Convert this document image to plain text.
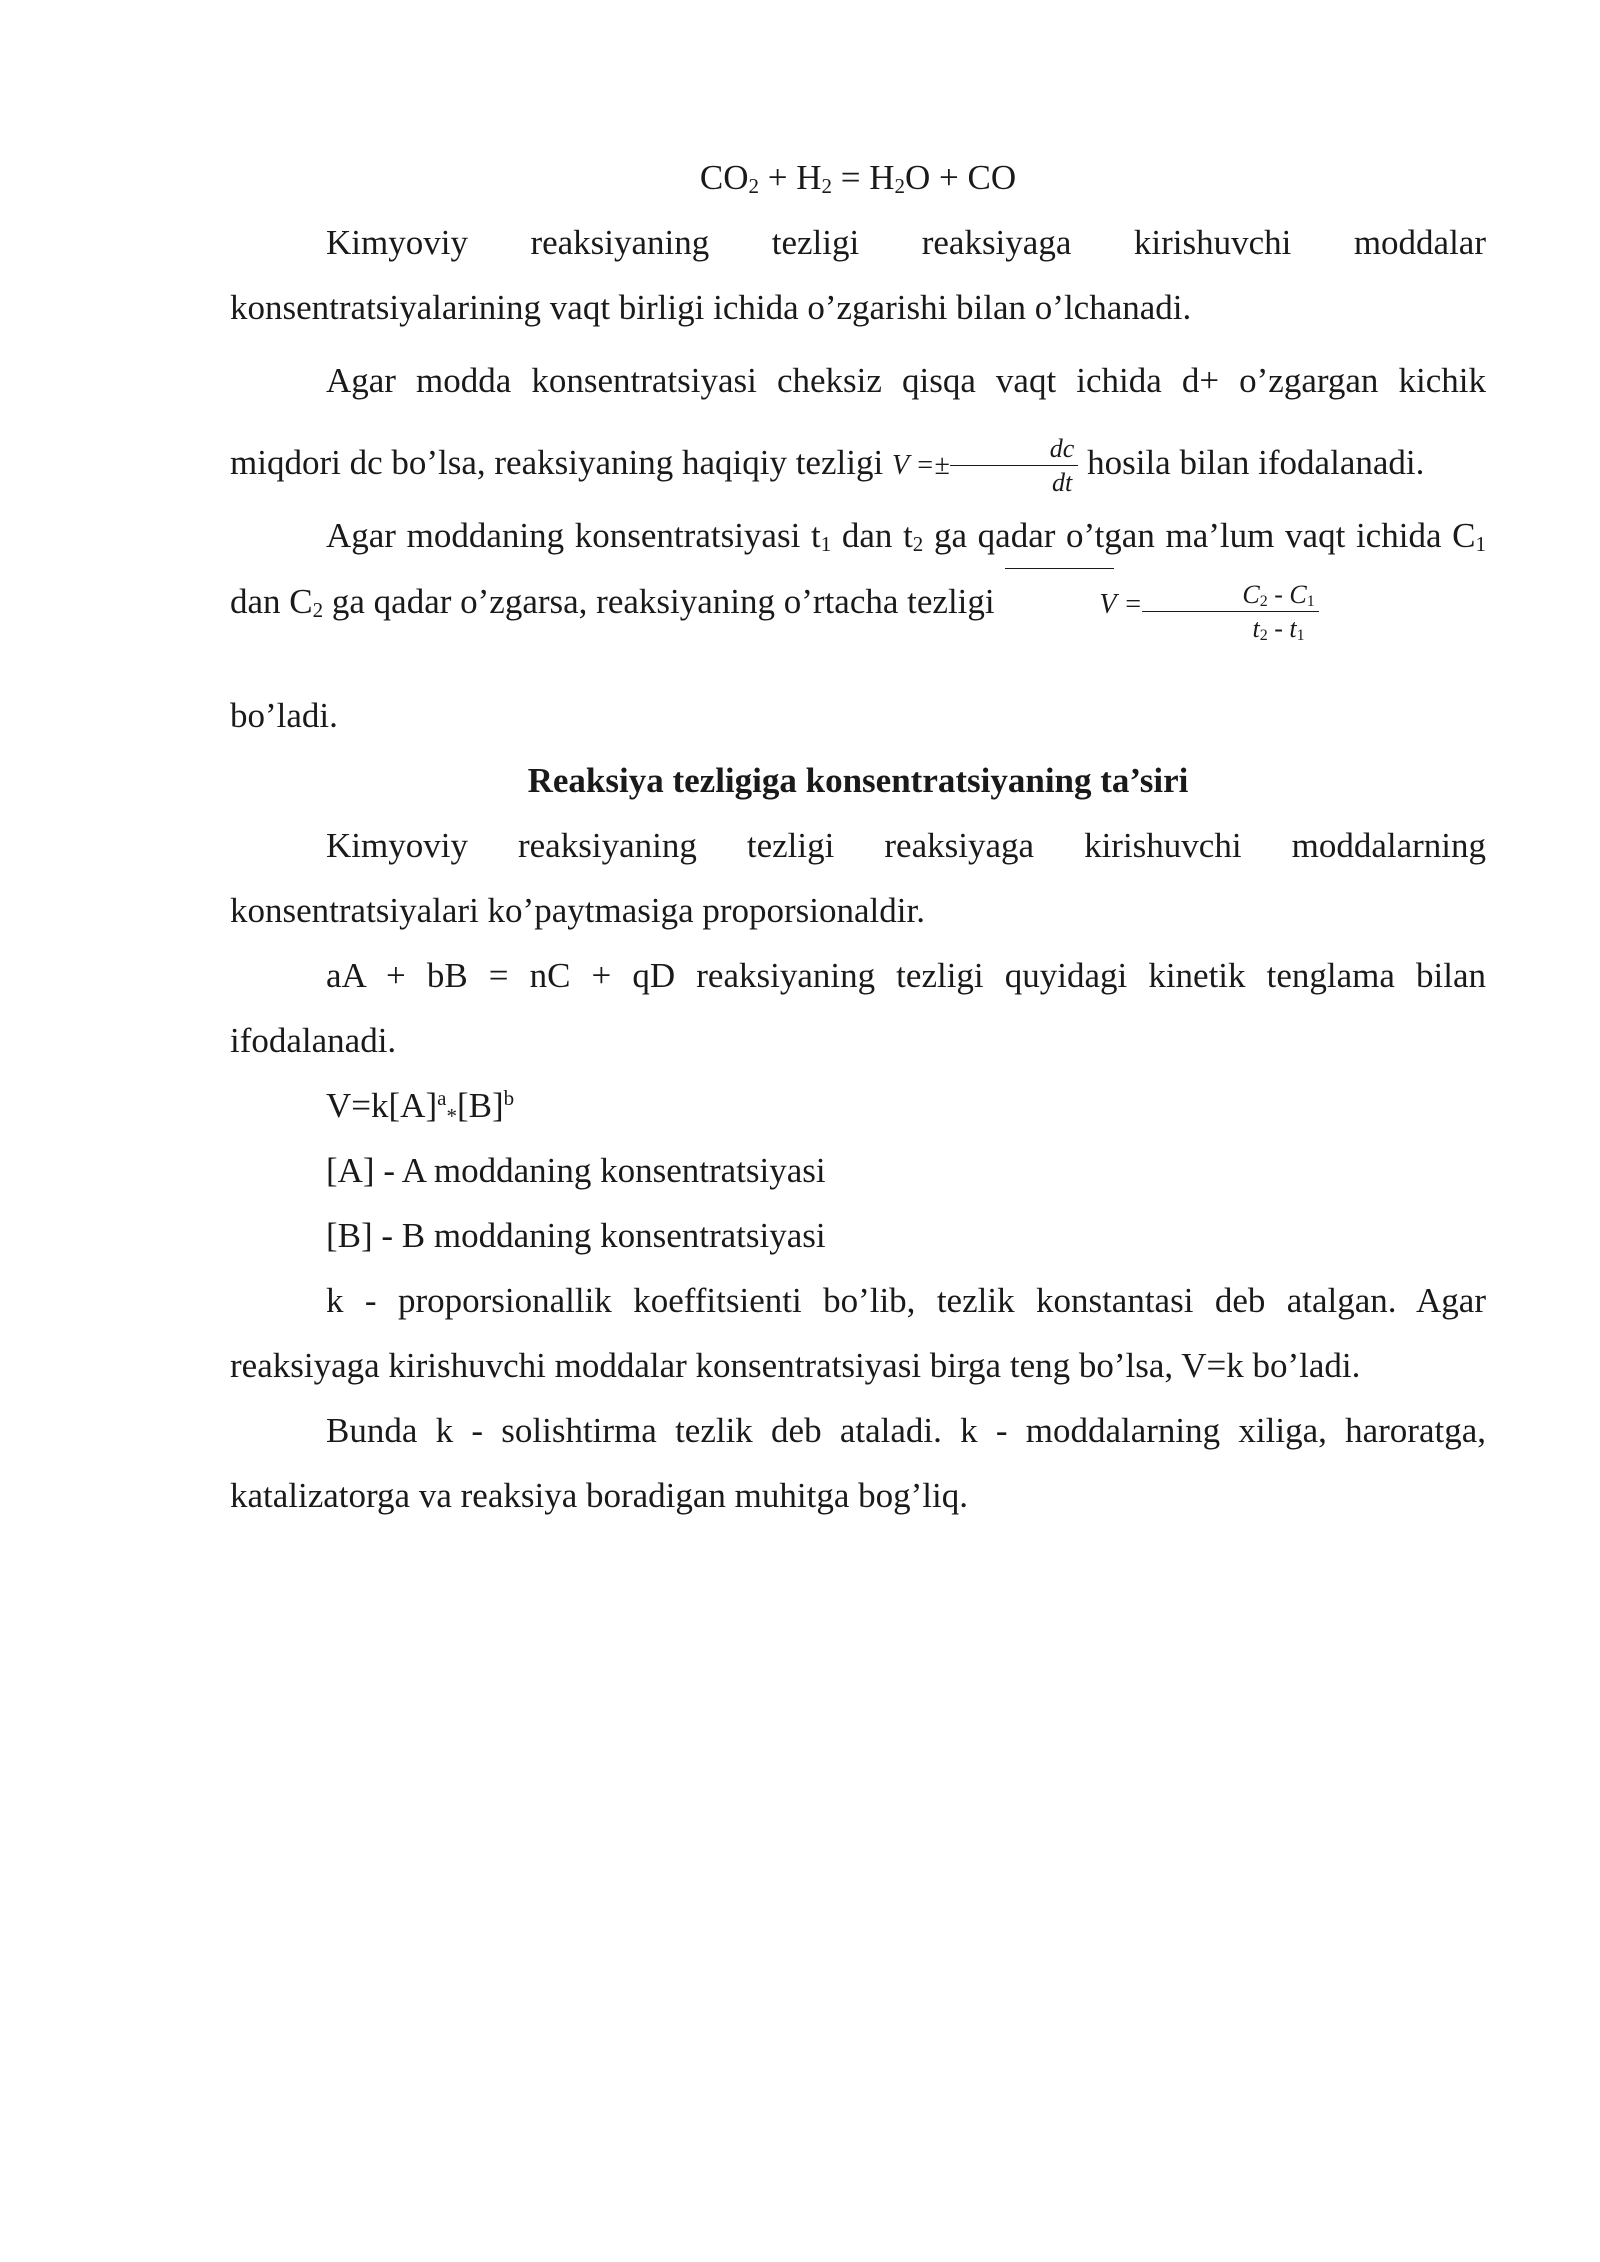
$CO_2 + H_2 = H_2O$ + CO

Kimyoviy reaksiyaning tezligi reaksiyaga kirishuvchi moddalar konsentratsiyalarining vaqt birligi ichida o’zgarishi bilan o’lchanadi.

Agar modda konsentratsiyasi cheksiz qisqa vaqt ichida d+ o’zgargan kichik miqdori dc bo’lsa, reaksiyaning haqiqiy tezligi $V =\pm \frac{dc}{dt}$ hosila bilan ifodalanadi.

Agar moddaning konsentratsiyasi $t_1$ dan $t_2$ ga qadar o’tgan ma’lum vaqt ichida $C_1$ dan $C_2$ ga qadar o’zgarsa, reaksiyaning o’rtacha tezligi	$V = \frac{C_2 - C_1}{t_2 - t_1}$

bo’ladi.

Reaksiya tezligiga konsentratsiyaning ta’siri

Kimyoviy reaksiyaning tezligi reaksiyaga kirishuvchi moddalarning konsentratsiyalari ko’paytmasiga proporsionaldir.

aA + bB = nC + qD reaksiyaning tezligi quyidagi kinetik tenglama bilan ifodalanadi.

$V=k[A]^a*[B]^b$

[A] - A moddaning konsentratsiyasi

[B] - B moddaning konsentratsiyasi

k - proporsionallik koeffitsienti bo’lib, tezlik konstantasi deb atalgan. Agar reaksiyaga kirishuvchi moddalar konsentratsiyasi birga teng bo’lsa, V=k bo’ladi.

Bunda k - solishtirma tezlik deb ataladi. k - moddalarning xiliga, haroratga, katalizatorga va reaksiya boradigan muhitga bog’liq.
